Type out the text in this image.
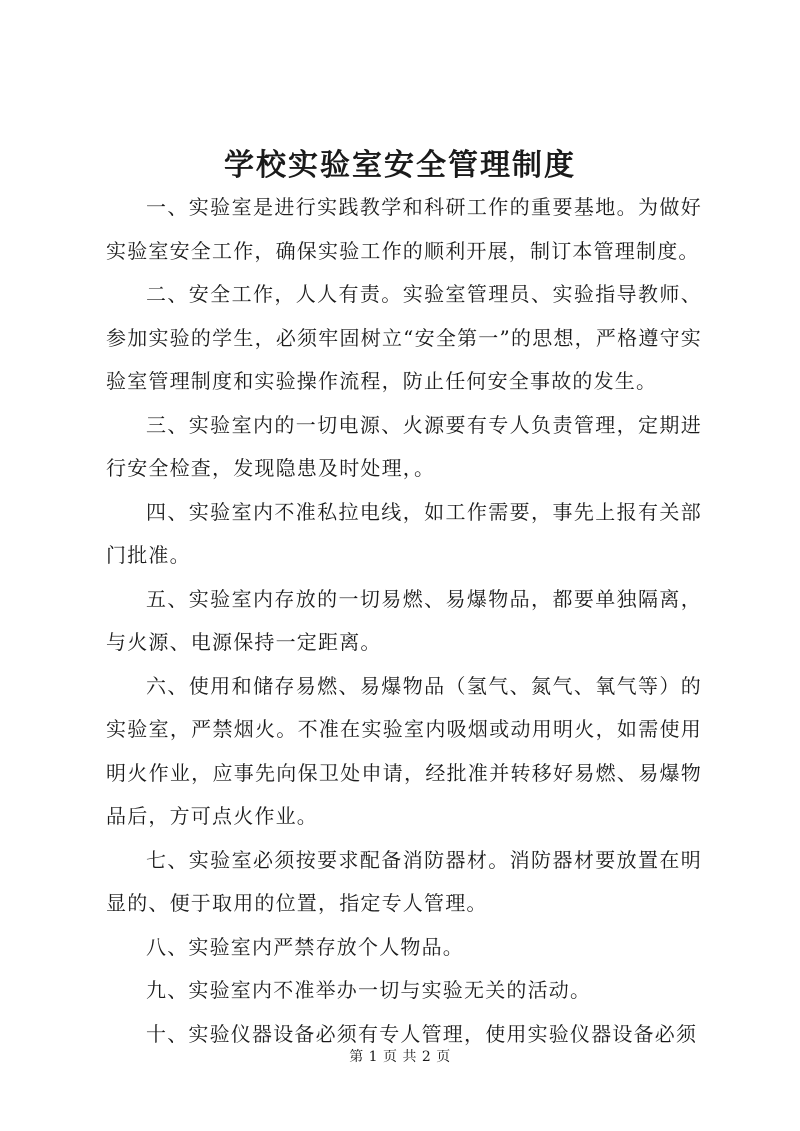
学校实验室安全管理制度

一、实验室是进行实践教学和科研工作的重要基地。为做好实验室安全工作，确保实验工作的顺利开展，制订本管理制度。

二、安全工作，人人有责。实验室管理员、实验指导教师、参加实验的学生，必须牢固树立“安全第一”的思想，严格遵守实验室管理制度和实验操作流程，防止任何安全事故的发生。

三、实验室内的一切电源、火源要有专人负责管理，定期进行安全检查，发现隐患及时处理，。

四、实验室内不准私拉电线，如工作需要，事先上报有关部门批准。

五、实验室内存放的一切易燃、易爆物品，都要单独隔离，与火源、电源保持一定距离。

六、使用和储存易燃、易爆物品（氢气、氮气、氧气等）的实验室，严禁烟火。不准在实验室内吸烟或动用明火，如需使用明火作业，应事先向保卫处申请，经批准并转移好易燃、易爆物品后，方可点火作业。

七、实验室必须按要求配备消防器材。消防器材要放置在明显的、便于取用的位置，指定专人管理。

八、实验室内严禁存放个人物品。

九、实验室内不准举办一切与实验无关的活动。

十、实验仪器设备必须有专人管理，使用实验仪器设备必须

第 1 页 共 2 页
